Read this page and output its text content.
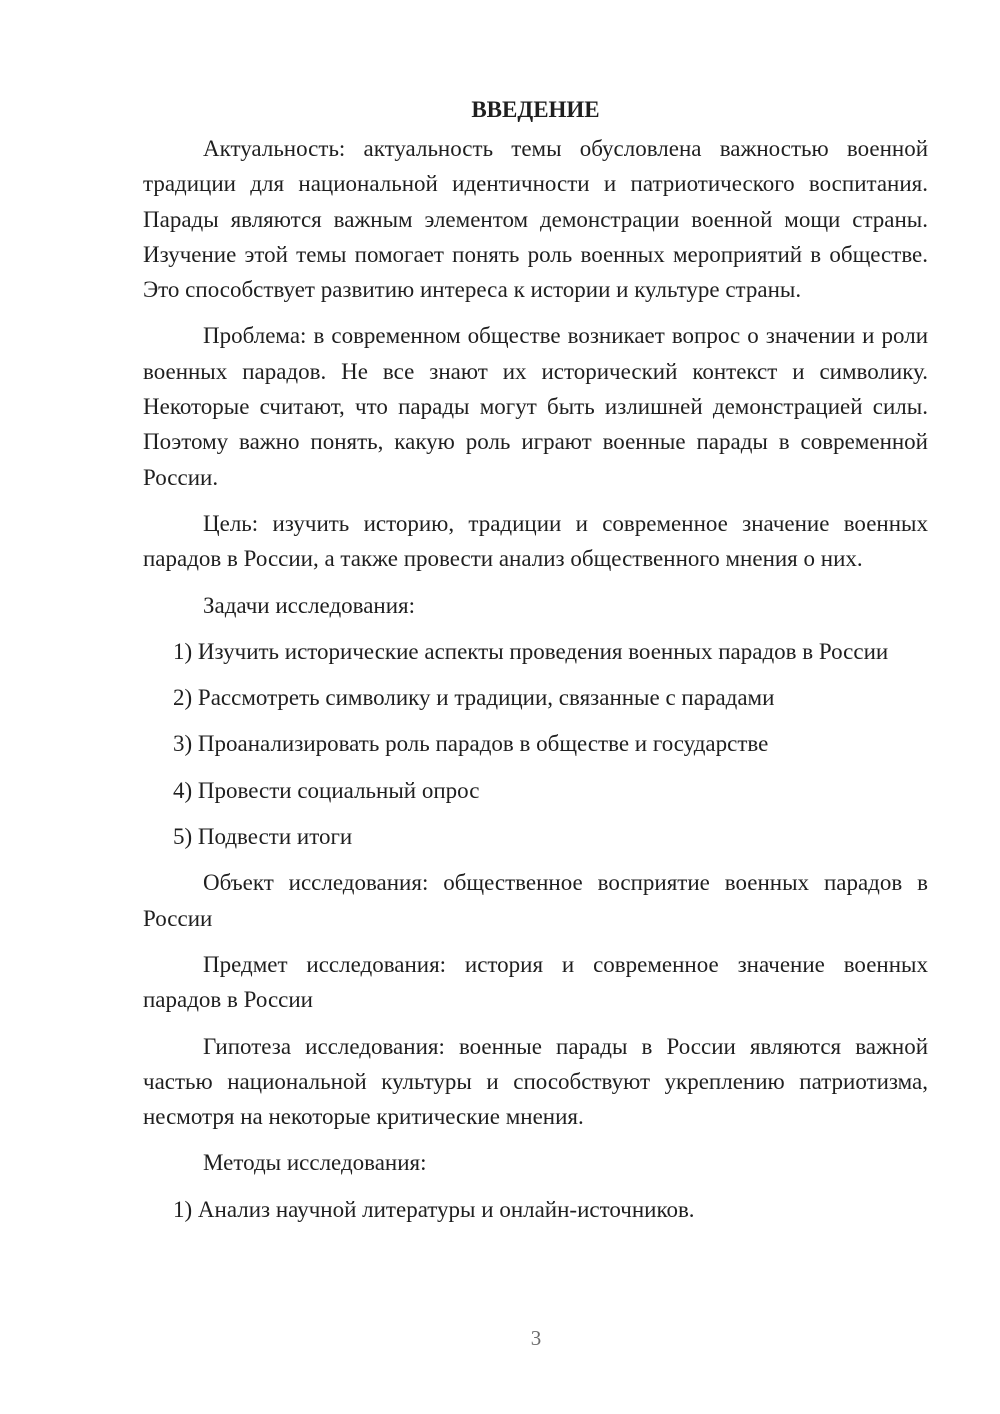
ВВЕДЕНИЕ

Актуальность: актуальность темы обусловлена важностью военной традиции для национальной идентичности и патриотического воспитания. Парады являются важным элементом демонстрации военной мощи страны. Изучение этой темы помогает понять роль военных мероприятий в обществе. Это способствует развитию интереса к истории и культуре страны.

Проблема: в современном обществе возникает вопрос о значении и роли военных парадов. Не все знают их исторический контекст и символику. Некоторые считают, что парады могут быть излишней демонстрацией силы. Поэтому важно понять, какую роль играют военные парады в современной России.

Цель: изучить историю, традиции и современное значение военных парадов в России, а также провести анализ общественного мнения о них.

Задачи исследования:

1) Изучить исторические аспекты проведения военных парадов в России

2) Рассмотреть символику и традиции, связанные с парадами

3) Проанализировать роль парадов в обществе и государстве

4) Провести социальный опрос

5) Подвести итоги

Объект исследования: общественное восприятие военных парадов в России

Предмет исследования: история и современное значение военных парадов в России

Гипотеза исследования: военные парады в России являются важной частью национальной культуры и способствуют укреплению патриотизма, несмотря на некоторые критические мнения.

Методы исследования:

1) Анализ научной литературы и онлайн-источников.

3
